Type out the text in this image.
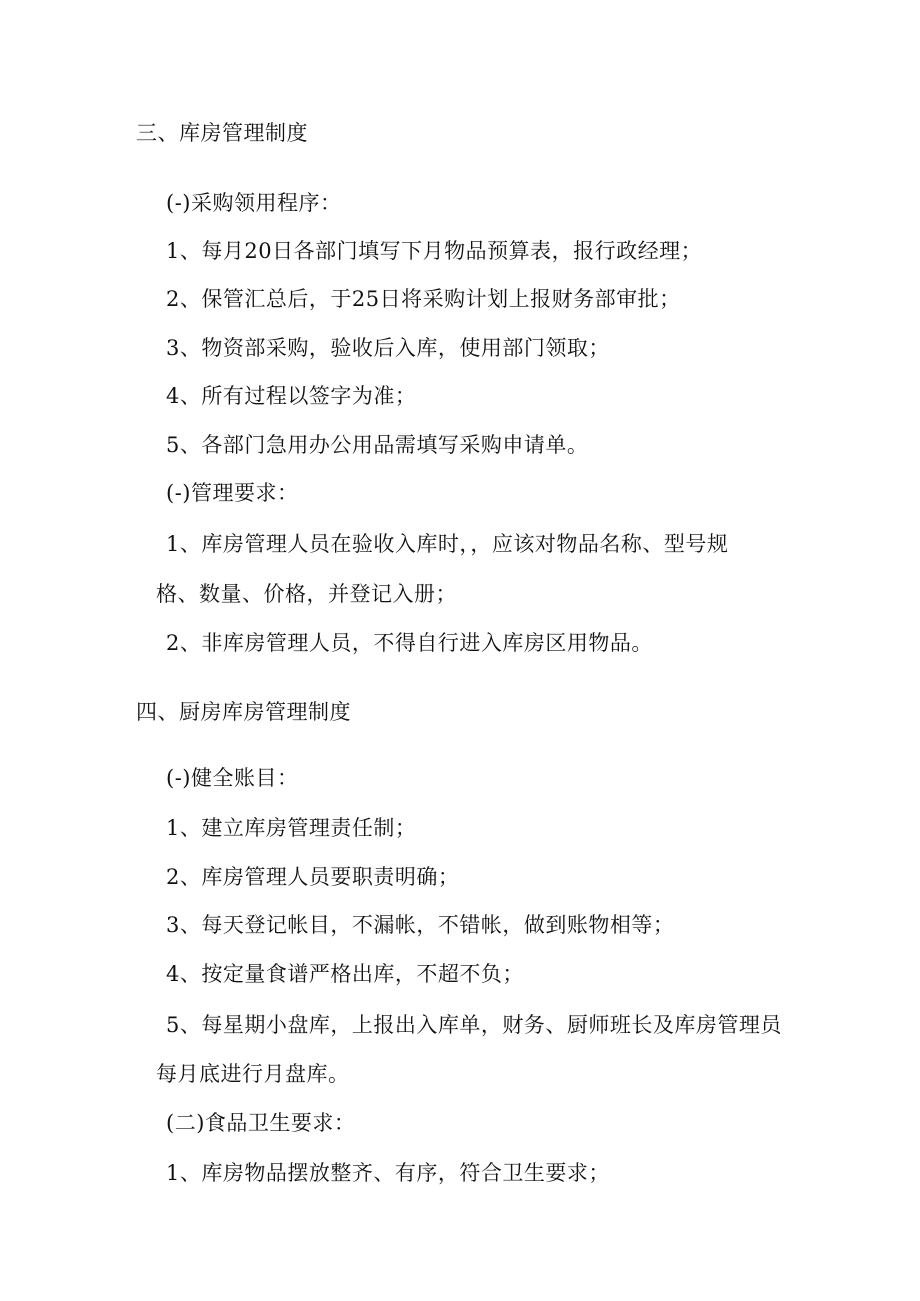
三、库房管理制度
(-)采购领用程序：
1、每月20日各部门填写下月物品预算表，报行政经理；
2、保管汇总后，于25日将采购计划上报财务部审批；
3、物资部采购，验收后入库，使用部门领取；
4、所有过程以签字为准；
5、各部门急用办公用品需填写采购申请单。
(-)管理要求：
1、库房管理人员在验收入库时，，应该对物品名称、型号规
格、数量、价格，并登记入册；
2、非库房管理人员，不得自行进入库房区用物品。
四、厨房库房管理制度
(-)健全账目：
1、建立库房管理责任制；
2、库房管理人员要职责明确；
3、每天登记帐目，不漏帐，不错帐，做到账物相等；
4、按定量食谱严格出库，不超不负；
5、每星期小盘库，上报出入库单，财务、厨师班长及库房管理员
每月底进行月盘库。
(二)食品卫生要求：
1、库房物品摆放整齐、有序，符合卫生要求；
